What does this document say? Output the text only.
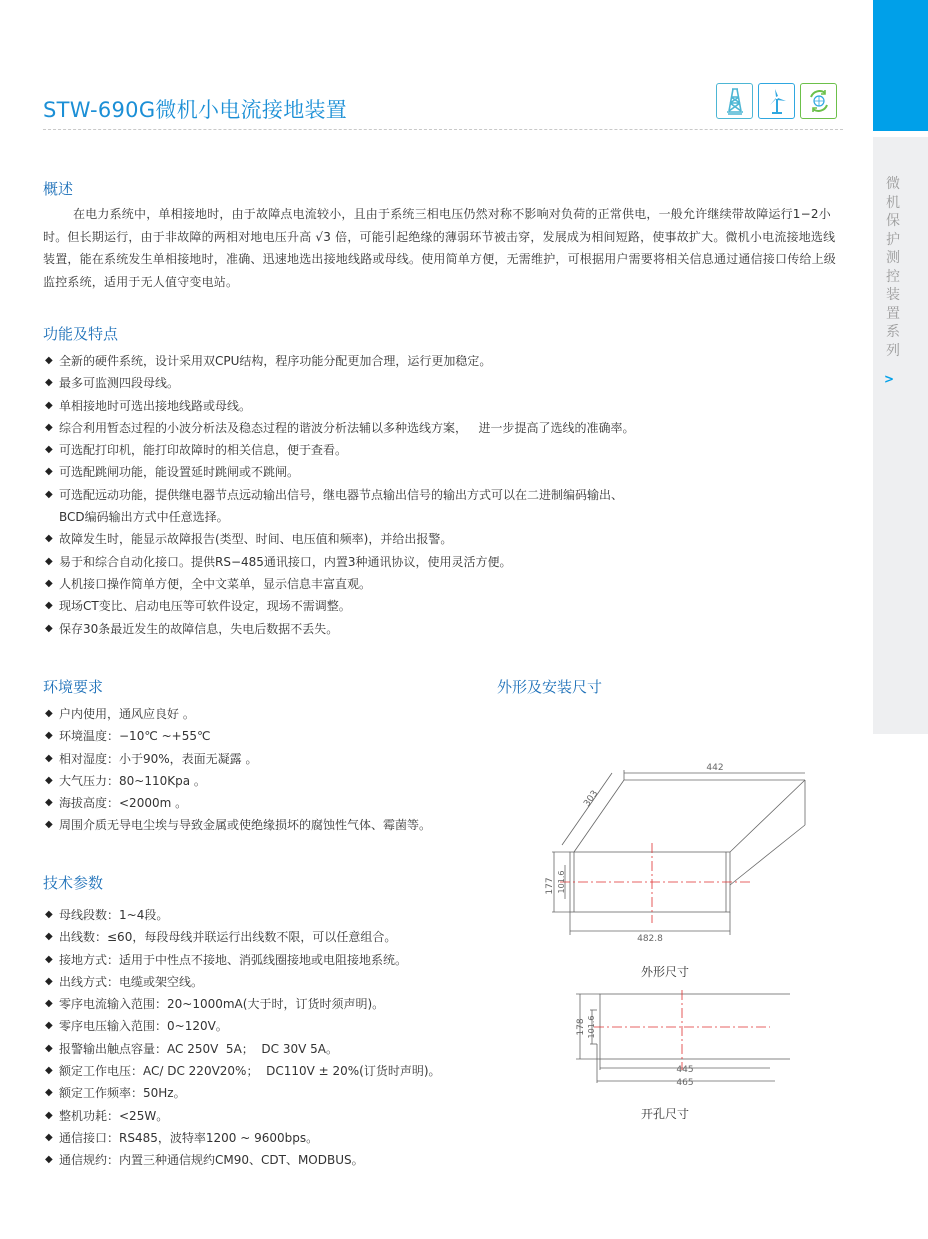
微
机
保
护
测
控
装
置
系
列
>
STW-690G微机小电流接地装置
概述

在电力系统中，单相接地时，由于故障点电流较小，且由于系统三相电压仍然对称不影响对负荷的正常供电，一般允许继续带故障运行1−2小时。但长期运行，由于非故障的两相对地电压升高 √3 倍，可能引起绝缘的薄弱环节被击穿，发展成为相间短路，使事故扩大。微机小电流接地选线装置，能在系统发生单相接地时，准确、迅速地选出接地线路或母线。使用简单方便，无需维护，可根据用户需要将相关信息通过通信接口传给上级监控系统，适用于无人值守变电站。

功能及特点
◆ 全新的硬件系统，设计采用双CPU结构，程序功能分配更加合理，运行更加稳定。
◆ 最多可监测四段母线。
◆ 单相接地时可选出接地线路或母线。
◆ 综合利用暂态过程的小波分析法及稳态过程的谐波分析法辅以多种选线方案，   进一步提高了选线的准确率。
◆ 可选配打印机，能打印故障时的相关信息，便于查看。
◆ 可选配跳闸功能，能设置延时跳闸或不跳闸。
◆ 可选配远动功能，提供继电器节点远动输出信号，继电器节点输出信号的输出方式可以在二进制编码输出、
BCD编码输出方式中任意选择。
◆ 故障发生时，能显示故障报告(类型、时间、电压值和频率)，并给出报警。
◆ 易于和综合自动化接口。提供RS−485通讯接口，内置3种通讯协议，使用灵活方便。
◆ 人机接口操作简单方便，全中文菜单，显示信息丰富直观。
◆ 现场CT变比、启动电压等可软件设定，现场不需调整。
◆ 保存30条最近发生的故障信息，失电后数据不丢失。
环境要求
◆ 户内使用，通风应良好 。
◆ 环境温度：−10℃ ~+55℃
◆ 相对湿度：小于90%，表面无凝露 。
◆ 大气压力：80~110Kpa 。
◆ 海拔高度：<2000m 。
◆ 周围介质无导电尘埃与导致金属或使绝缘损坏的腐蚀性气体、霉菌等。
技术参数
◆ 母线段数：1~4段。
◆ 出线数：≤60，每段母线并联运行出线数不限，可以任意组合。
◆ 接地方式：适用于中性点不接地、消弧线圈接地或电阻接地系统。
◆ 出线方式：电缆或架空线。
◆ 零序电流输入范围：20~1000mA(大于时，订货时须声明)。
◆ 零序电压输入范围：0~120V。
◆ 报警输出触点容量：AC 250V  5A；  DC 30V 5A。
◆ 额定工作电压：AC/ DC 220V20%；  DC110V ± 20%(订货时声明)。
◆ 额定工作频率：50Hz。
◆ 整机功耗：<25W。
◆ 通信接口：RS485，波特率1200 ~ 9600bps。
◆ 通信规约：内置三种通信规约CM90、CDT、MODBUS。
外形及安装尺寸
442
303
177 101.6
482.8
外形尺寸
178 101.6
445
465
开孔尺寸
